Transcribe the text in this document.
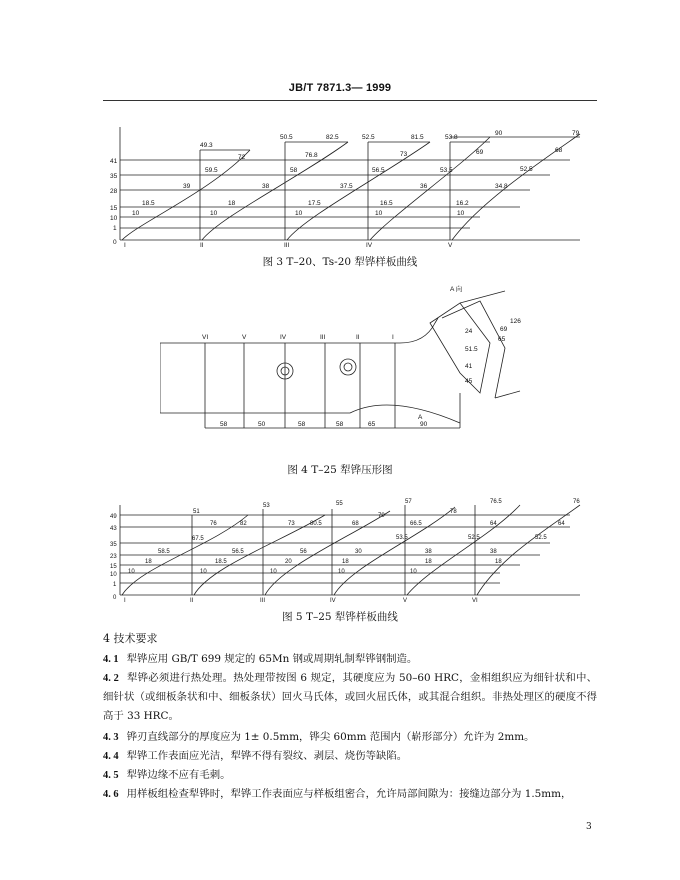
JB/T 7871.3— 1999
41
35
28
15
10
1
0 I	II	III	IV	V
49.3
72
59.5
39
18.5
10
50.5	82.5
76.8
58
38
18
10
52.5	81.5
73
37.5
17.5
10
53.8
90
56.5
36
16.5
10
69
53.5
16.2
10
79
68
52.5
34.8
图 3 T–20、Ts-20 犁铧样板曲线
VI	V	IV	III	II	I
58	50	58	58	65	90
A 向
126
69
65
24
51.5
41
45
A
图 4 T–25 犁铧压形图
49
43
35
23
15
10
1
0 I	II	III	IV	V	VI
51
76	82
58.5
67.5
18
10
53
73	80.5
56.5
18.5
10
55
68
56
20
10
57
79
66.5
53.5
30
18
10
78
76.5
64
52.5
38
18
10
76
64
52.5
38
18
图 5 T–25 犁铧样板曲线
4 技术要求
4. 1 犁铧应用 GB/T 699 规定的 65Mn 钢或周期轧制犁铧钢制造。
4. 2 犁铧必须进行热处理。热处理带按图 6 规定，其硬度应为 50–60 HRC，金相组织应为细针状和中、细针状（或细板条状和中、细板条状）回火马氏体，或回火屈氏体，或其混合组织。非热处理区的硬度不得高于 33 HRC。
4. 3 铧刃直线部分的厚度应为 1± 0.5mm，铧尖 60mm 范围内（崭形部分）允许为 2mm。
4. 4 犁铧工作表面应光洁，犁铧不得有裂纹、剥层、烧伤等缺陷。
4. 5 犁铧边缘不应有毛刺。
4. 6 用样板组检查犁铧时，犁铧工作表面应与样板组密合，允许局部间隙为：接缝边部分为 1.5mm，
3
